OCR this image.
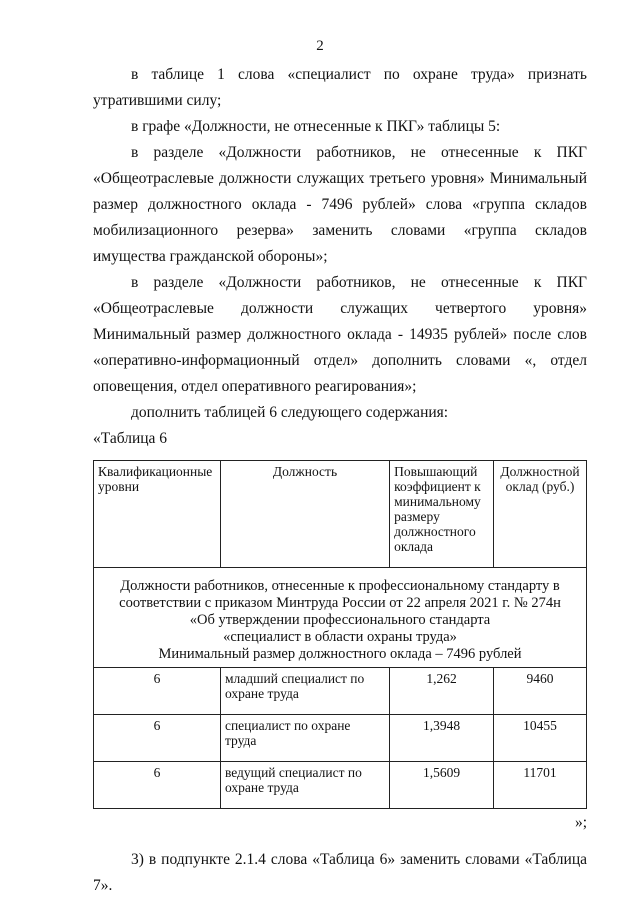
2

в таблице 1 слова «специалист по охране труда» признать утратившими силу;

в графе «Должности, не отнесенные к ПКГ» таблицы 5:

в разделе «Должности работников, не отнесенные к ПКГ «Общеотраслевые должности служащих третьего уровня» Минимальный размер должностного оклада - 7496 рублей» слова «группа складов мобилизационного резерва» заменить словами «группа складов имущества гражданской обороны»;

в разделе «Должности работников, не отнесенные к ПКГ «Общеотраслевые должности служащих четвертого уровня» Минимальный размер должностного оклада - 14935 рублей» после слов «оперативно-информационный отдел» дополнить словами «, отдел оповещения, отдел оперативного реагирования»;

дополнить таблицей 6 следующего содержания:

«Таблица 6

Квалификационные уровни	Должность	Повышающий коэффициент к минимальному размеру должностного оклада	Должностной оклад (руб.)

Должности работников, отнесенные к профессиональному стандарту в
соответствии с приказом Минтруда России от 22 апреля 2021 г. № 274н
«Об утверждении профессионального стандарта
«специалист в области охраны труда»
Минимальный размер должностного оклада – 7496 рублей			

6	младший специалист по охране труда	1,262	9460
6	специалист по охране труда	1,3948	10455
6	ведущий специалист по охране труда	1,5609	11701
»;

3) в подпункте 2.1.4 слова «Таблица 6» заменить словами «Таблица 7».
